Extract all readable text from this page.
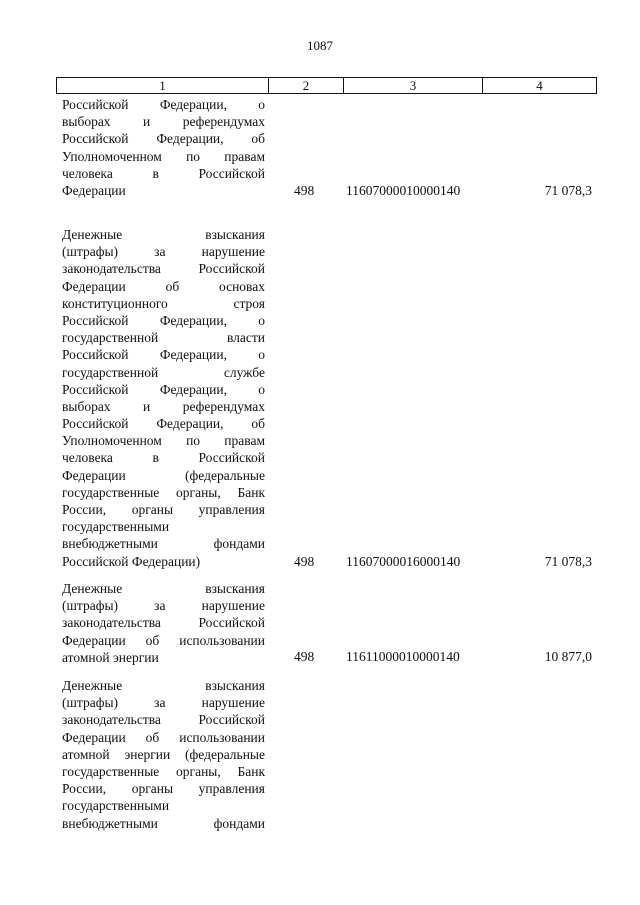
1087
1	2	3	4
Российской Федерации, о
выборах и референдумах
Российской Федерации, об
Уполномоченном по правам
человека в Российской
Федерации	498 11607000010000140	71 078,3
Денежные взыскания
(штрафы) за нарушение
законодательства Российской
Федерации об основах
конституционного строя
Российской Федерации, о
государственной власти
Российской Федерации, о
государственной службе
Российской Федерации, о
выборах и референдумах
Российской Федерации, об
Уполномоченном по правам
человека в Российской
Федерации (федеральные
государственные органы, Банк
России, органы управления
государственными
внебюджетными фондами
Российской Федерации)	498 11607000016000140	71 078,3
Денежные взыскания
(штрафы) за нарушение
законодательства Российской
Федерации об использовании
атомной энергии	498 11611000010000140	10 877,0
Денежные взыскания
(штрафы) за нарушение
законодательства Российской
Федерации об использовании
атомной энергии (федеральные
государственные органы, Банк
России, органы управления
государственными
внебюджетными фондами
